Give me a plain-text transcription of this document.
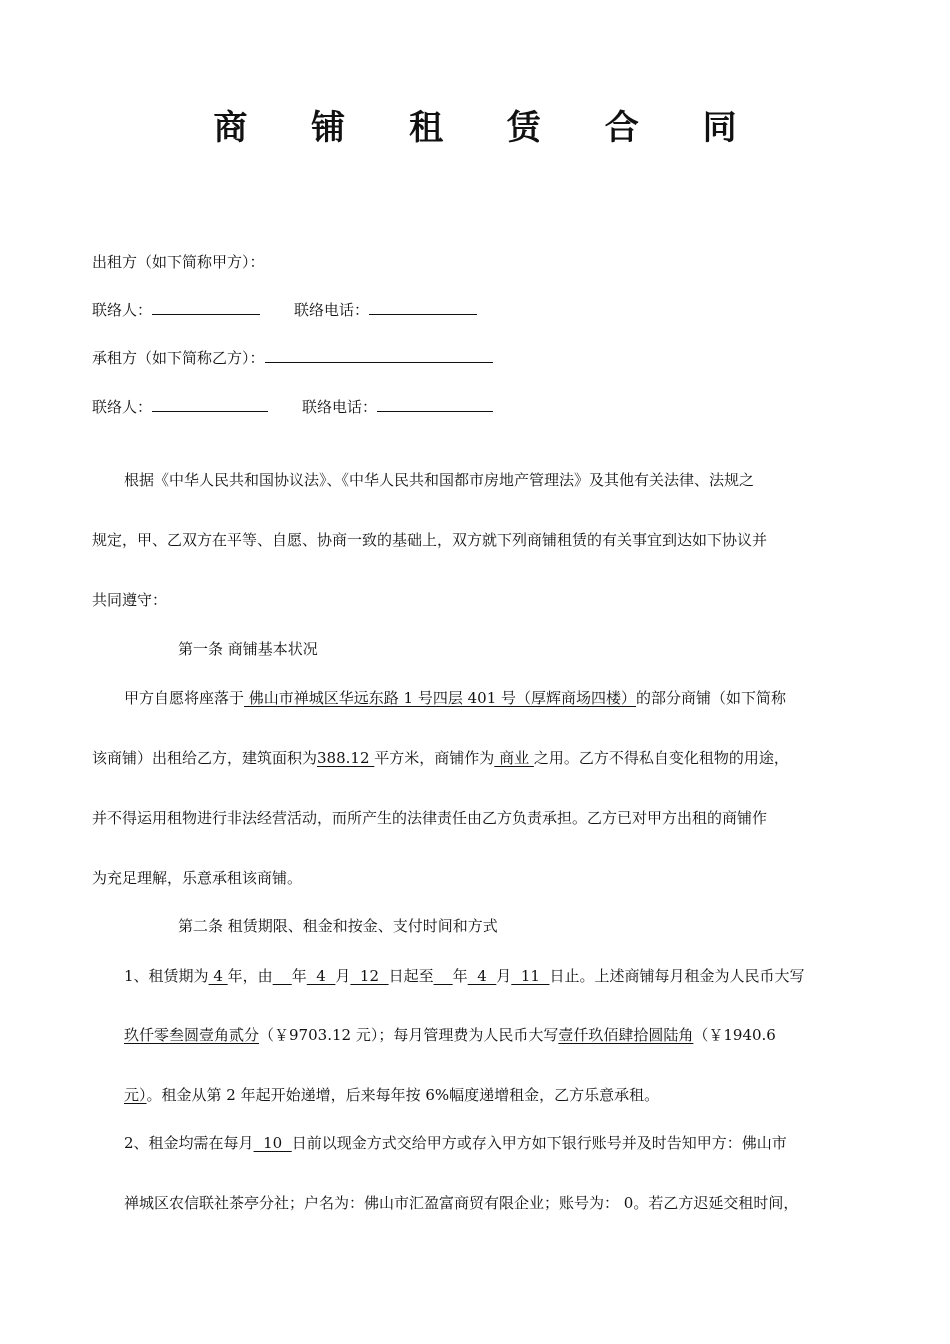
商 铺 租 赁 合 同
出租方（如下简称甲方）：
联络人：	联络电话：
承租方（如下简称乙方）：
联络人：	联络电话：
根据《中华人民共和国协议法》、《中华人民共和国都市房地产管理法》及其他有关法律、法规之
规定，甲、乙双方在平等、自愿、协商一致的基础上，双方就下列商铺租赁的有关事宜到达如下协议并
共同遵守：
第一条 商铺基本状况
甲方自愿将座落于 佛山市禅城区华远东路 1 号四层 401 号（厚辉商场四楼）的部分商铺（如下简称
该商铺）出租给乙方，建筑面积为388.12 平方米，商铺作为 商业 之用。乙方不得私自变化租物的用途，
并不得运用租物进行非法经营活动，而所产生的法律责任由乙方负责承担。乙方已对甲方出租的商铺作
为充足理解，乐意承租该商铺。
第二条 租赁期限、租金和按金、支付时间和方式
1、租赁期为 4 年，由 年  4  月  12  日起至 年  4  月  11  日止。上述商铺每月租金为人民币大写
玖仟零叁圆壹角贰分（￥9703.12 元）；每月管理费为人民币大写壹仟玖佰肆拾圆陆角（￥1940.6
元）。租金从第 2 年起开始递增，后来每年按 6%幅度递增租金，乙方乐意承租。
2、租金均需在每月  10  日前以现金方式交给甲方或存入甲方如下银行账号并及时告知甲方：佛山市
禅城区农信联社茶亭分社；户名为：佛山市汇盈富商贸有限企业；账号为： 0。若乙方迟延交租时间，
